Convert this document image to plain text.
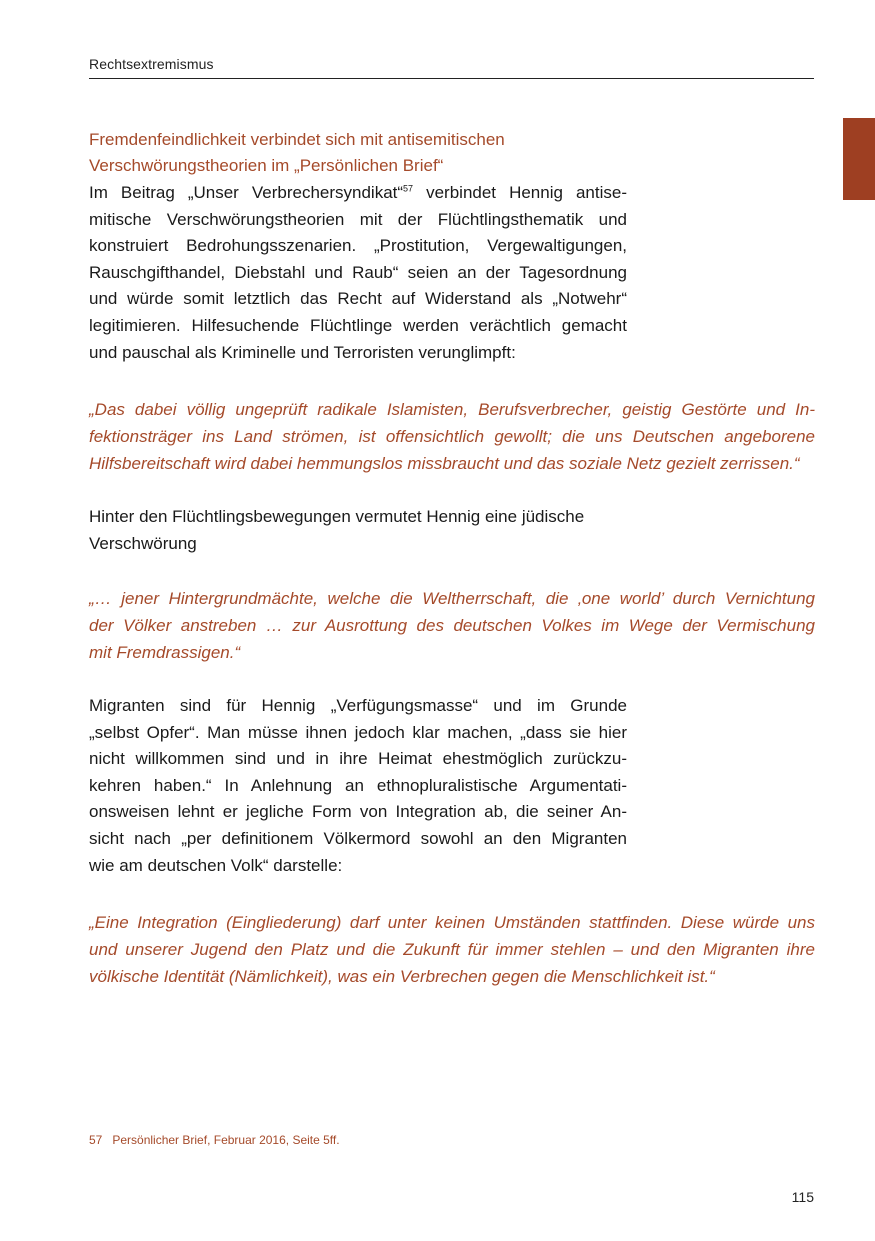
Rechtsextremismus
Fremdenfeindlichkeit verbindet sich mit antisemitischen
Verschwörungstheorien im „Persönlichen Brief“
Im Beitrag „Unser Verbrechersyndikat“$^{57}$ verbindet Hennig antise-
mitische Verschwörungstheorien mit der Flüchtlingsthematik und
konstruiert Bedrohungsszenarien. „Prostitution, Vergewaltigungen,
Rauschgifthandel, Diebstahl und Raub“ seien an der Tagesordnung
und würde somit letztlich das Recht auf Widerstand als „Notwehr“
legitimieren. Hilfesuchende Flüchtlinge werden verächtlich gemacht
und pauschal als Kriminelle und Terroristen verunglimpft:
„Das dabei völlig ungeprüft radikale Islamisten, Berufsverbrecher, geistig Gestörte und In-
fektionsträger ins Land strömen, ist offensichtlich gewollt; die uns Deutschen angeborene
Hilfsbereitschaft wird dabei hemmungslos missbraucht und das soziale Netz gezielt zerrissen.“
Hinter den Flüchtlingsbewegungen vermutet Hennig eine jüdische
Verschwörung
„… jener Hintergrundmächte, welche die Weltherrschaft, die ‚one world’ durch Vernichtung
der Völker anstreben … zur Ausrottung des deutschen Volkes im Wege der Vermischung
mit Fremdrassigen.“
Migranten sind für Hennig „Verfügungsmasse“ und im Grunde
„selbst Opfer“. Man müsse ihnen jedoch klar machen, „dass sie hier
nicht willkommen sind und in ihre Heimat ehestmöglich zurückzu-
kehren haben.“ In Anlehnung an ethnopluralistische Argumentati-
onsweisen lehnt er jegliche Form von Integration ab, die seiner An-
sicht nach „per definitionem Völkermord sowohl an den Migranten
wie am deutschen Volk“ darstelle:
„Eine Integration (Eingliederung) darf unter keinen Umständen stattfinden. Diese würde uns
und unserer Jugend den Platz und die Zukunft für immer stehlen – und den Migranten ihre
völkische Identität (Nämlichkeit), was ein Verbrechen gegen die Menschlichkeit ist.“
57 Persönlicher Brief, Februar 2016, Seite 5ff.
115
